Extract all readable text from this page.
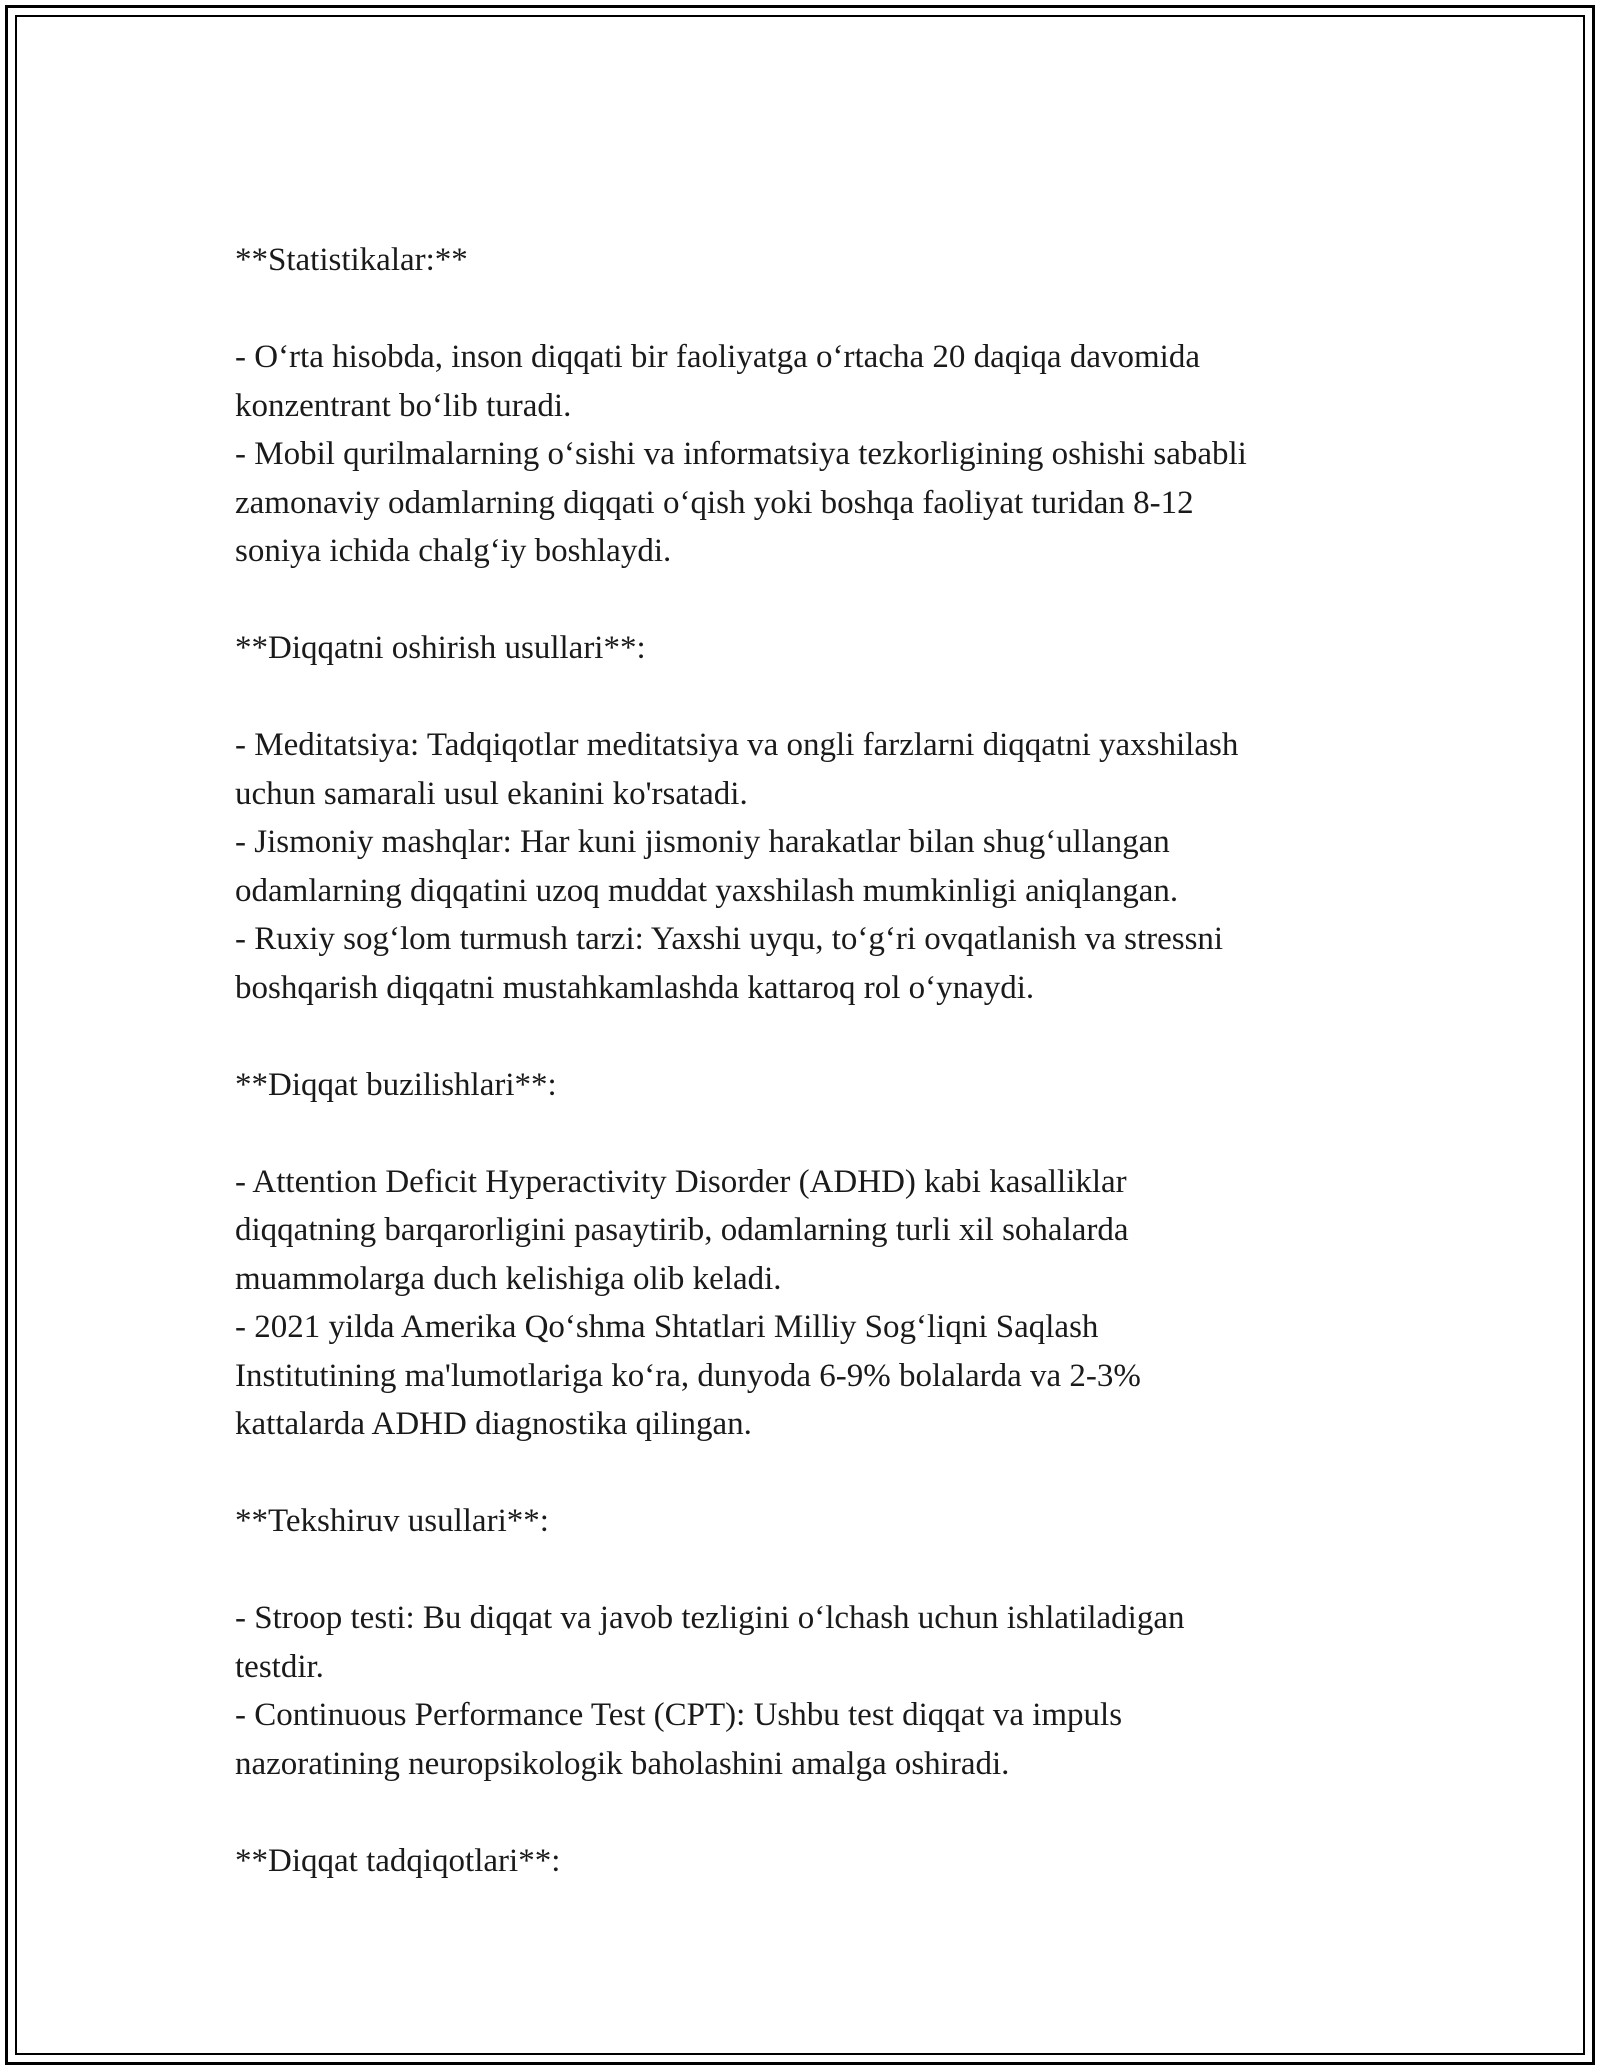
**Statistikalar:**

- O‘rta hisobda, inson diqqati bir faoliyatga o‘rtacha 20 daqiqa davomida
konzentrant bo‘lib turadi.

- Mobil qurilmalarning o‘sishi va informatsiya tezkorligining oshishi sababli
zamonaviy odamlarning diqqati o‘qish yoki boshqa faoliyat turidan 8-12
soniya ichida chalg‘iy boshlaydi.

**Diqqatni oshirish usullari**:

- Meditatsiya: Tadqiqotlar meditatsiya va ongli farzlarni diqqatni yaxshilash
uchun samarali usul ekanini ko'rsatadi.

- Jismoniy mashqlar: Har kuni jismoniy harakatlar bilan shug‘ullangan
odamlarning diqqatini uzoq muddat yaxshilash mumkinligi aniqlangan.

- Ruxiy sog‘lom turmush tarzi: Yaxshi uyqu, to‘g‘ri ovqatlanish va stressni
boshqarish diqqatni mustahkamlashda kattaroq rol o‘ynaydi.

**Diqqat buzilishlari**:

- Attention Deficit Hyperactivity Disorder (ADHD) kabi kasalliklar
diqqatning barqarorligini pasaytirib, odamlarning turli xil sohalarda
muammolarga duch kelishiga olib keladi.

- 2021 yilda Amerika Qo‘shma Shtatlari Milliy Sog‘liqni Saqlash
Institutining ma'lumotlariga ko‘ra, dunyoda 6-9% bolalarda va 2-3%
kattalarda ADHD diagnostika qilingan.

**Tekshiruv usullari**:

- Stroop testi: Bu diqqat va javob tezligini o‘lchash uchun ishlatiladigan
testdir.

- Continuous Performance Test (CPT): Ushbu test diqqat va impuls
nazoratining neuropsikologik baholashini amalga oshiradi.

**Diqqat tadqiqotlari**:
